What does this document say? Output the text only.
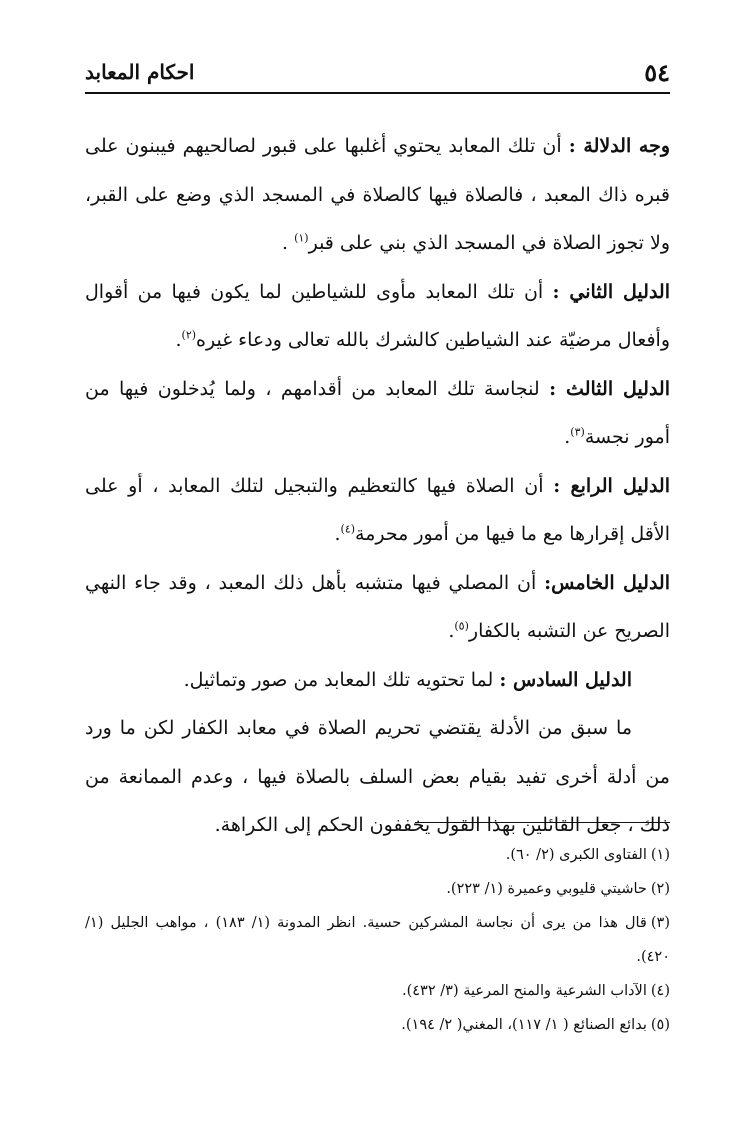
٥٤
احكام المعابد

وجه الدلالة : أن تلك المعابد يحتوي أغلبها على قبور لصالحيهم فيبنون على قبره ذاك المعبد ، فالصلاة فيها كالصلاة في المسجد الذي وضع على القبر، ولا تجوز الصلاة في المسجد الذي بني على قبر$^{(١)}$ .

الدليل الثاني : أن تلك المعابد مأوى للشياطين لما يكون فيها من أقوال وأفعال مرضيّة عند الشياطين كالشرك بالله تعالى ودعاء غيره$^{(٢)}$.

الدليل الثالث : لنجاسة تلك المعابد من أقدامهم ، ولما يُدخلون فيها من أمور نجسة$^{(٣)}$.

الدليل الرابع : أن الصلاة فيها كالتعظيم والتبجيل لتلك المعابد ، أو على الأقل إقرارها مع ما فيها من أمور محرمة$^{(٤)}$.

الدليل الخامس: أن المصلي فيها متشبه بأهل ذلك المعبد ، وقد جاء النهي الصريح عن التشبه بالكفار$^{(٥)}$.

الدليل السادس : لما تحتويه تلك المعابد من صور وتماثيل.

ما سبق من الأدلة يقتضي تحريم الصلاة في معابد الكفار لكن ما ورد من أدلة أخرى تفيد بقيام بعض السلف بالصلاة فيها ، وعدم الممانعة من ذلك ، جعل القائلين بهذا القول يخففون الحكم إلى الكراهة.

(١)الفتاوى الكبرى (٢/ ٦٠).

(٢)حاشيتي قليوبي وعميرة (١/ ٢٢٣).

(٣)قال هذا من يرى أن نجاسة المشركين حسية. انظر المدونة (١/ ١٨٣) ، مواهب الجليل (١/ ٤٢٠).

(٤)الآداب الشرعية والمنح المرعية (٣/ ٤٣٢).

(٥)بدائع الصنائع ( ١/ ١١٧)، المغني( ٢/ ١٩٤).
